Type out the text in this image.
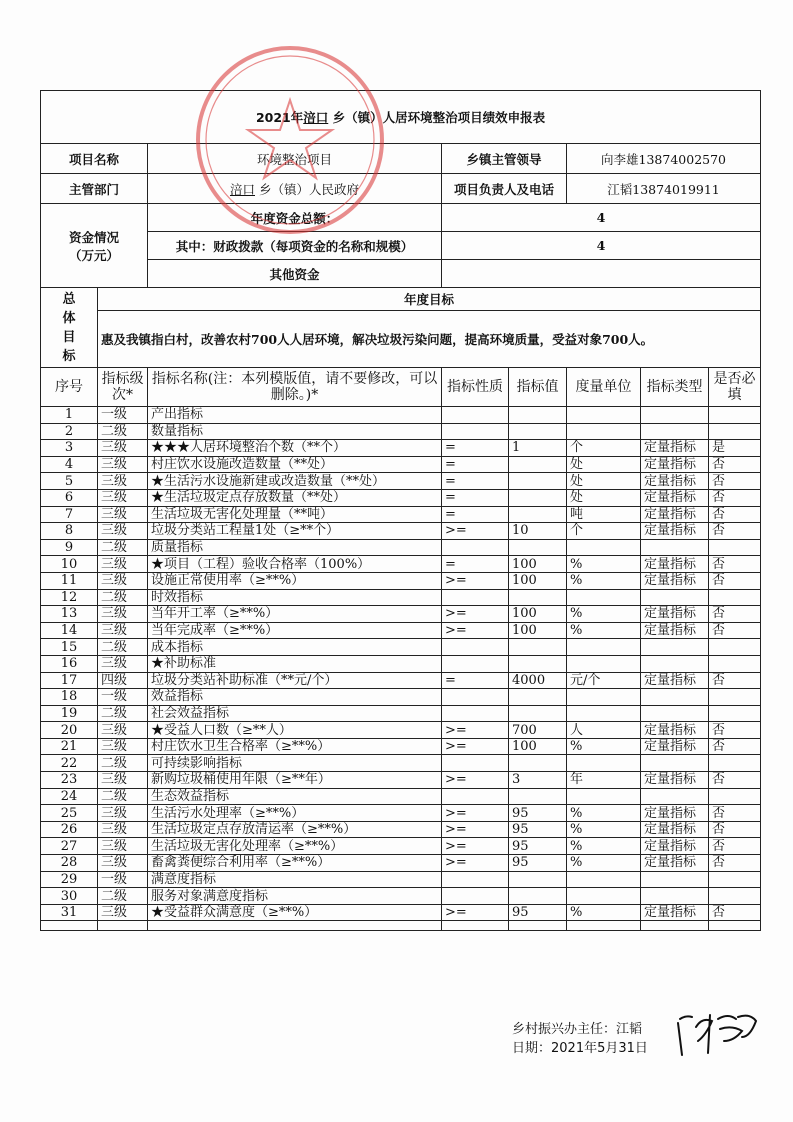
2021年涪口 乡（镇）人居环境整治项目绩效申报表							
项目名称		环境整治项目	乡镇主管领导		向李雄13874002570		
主管部门		涪口 乡（镇）人民政府	项目负责人及电话		江韬13874019911		
资金情况（万元）		年度资金总额：	4				
		其中：财政拨款（每项资金的名称和规模）	4				
		其他资金					
总体目标	年度目标						
	惠及我镇指白村，改善农村700人人居环境，解决垃圾污染问题，提高环境质量，受益对象700人。						
序号	指标级次*	指标名称(注：本列模版值，请不要修改，可以删除。)*	指标性质	指标值	度量单位	指标类型	是否必填
1	一级	产出指标					
2	二级	数量指标					
3	三级	★★★人居环境整治个数（**个）	=	1	个	定量指标	是
4	三级	村庄饮水设施改造数量（**处）	=		处	定量指标	否
5	三级	★生活污水设施新建或改造数量（**处）	=		处	定量指标	否
6	三级	★生活垃圾定点存放数量（**处）	=		处	定量指标	否
7	三级	生活垃圾无害化处理量（**吨）	=		吨	定量指标	否
8	三级	垃圾分类站工程量1处（≥**个）	>=	10	个	定量指标	否
9	二级	质量指标					
10	三级	★项目（工程）验收合格率（100%）	=	100	%	定量指标	否
11	三级	设施正常使用率（≥**%）	>=	100	%	定量指标	否
12	二级	时效指标					
13	三级	当年开工率（≥**%）	>=	100	%	定量指标	否
14	三级	当年完成率（≥**%）	>=	100	%	定量指标	否
15	二级	成本指标					
16	三级	★补助标准					
17	四级	垃圾分类站补助标准（**元/个）	=	4000	元/个	定量指标	否
18	一级	效益指标					
19	二级	社会效益指标					
20	三级	★受益人口数（≥**人）	>=	700	人	定量指标	否
21	三级	村庄饮水卫生合格率（≥**%）	>=	100	%	定量指标	否
22	二级	可持续影响指标					
23	三级	新购垃圾桶使用年限（≥**年）	>=	3	年	定量指标	否
24	二级	生态效益指标					
25	三级	生活污水处理率（≥**%）	>=	95	%	定量指标	否
26	三级	生活垃圾定点存放清运率（≥**%）	>=	95	%	定量指标	否
27	三级	生活垃圾无害化处理率（≥**%）	>=	95	%	定量指标	否
28	三级	畜禽粪便综合利用率（≥**%）	>=	95	%	定量指标	否
29	一级	满意度指标					
30	二级	服务对象满意度指标					
31	三级	★受益群众满意度（≥**%）	>=	95	%	定量指标	否

乡村振兴办主任：江韬
日期：2021年5月31日
